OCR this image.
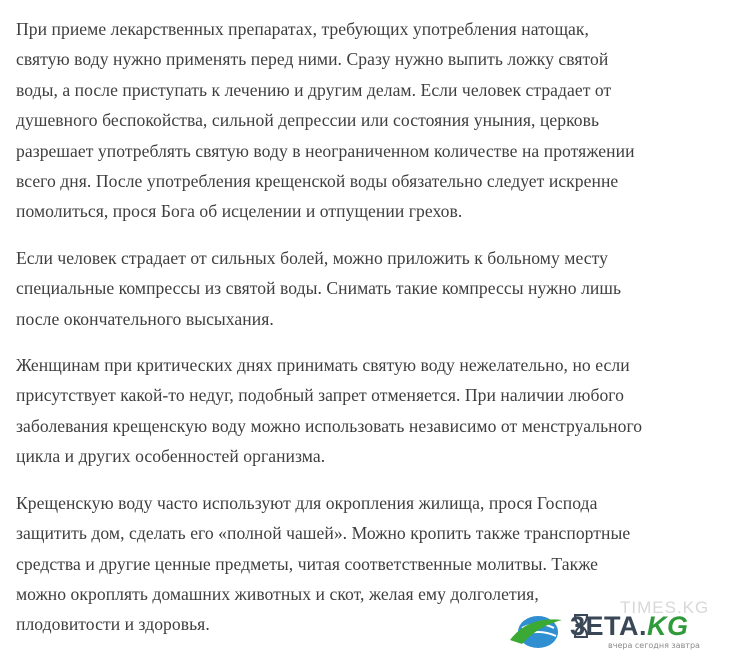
При приеме лекарственных препаратах, требующих употребления натощак,
святую воду нужно применять перед ними. Сразу нужно выпить ложку святой
воды, а после приступать к лечению и другим делам. Если человек страдает от
душевного беспокойства, сильной депрессии или состояния уныния, церковь
разрешает употреблять святую воду в неограниченном количестве на протяжении
всего дня. После употребления крещенской воды обязательно следует искренне
помолиться, прося Бога об исцелении и отпущении грехов.

Если человек страдает от сильных болей, можно приложить к больному месту
специальные компрессы из святой воды. Снимать такие компрессы нужно лишь
после окончательного высыхания.

Женщинам при критических днях принимать святую воду нежелательно, но если
присутствует какой-то недуг, подобный запрет отменяется. При наличии любого
заболевания крещенскую воду можно использовать независимо от менструального
цикла и других особенностей организма.

Крещенскую воду часто используют для окропления жилища, прося Господа
защитить дом, сделать его «полной чашей». Можно кропить также транспортные
средства и другие ценные предметы, читая соответственные молитвы. Также
можно окроплять домашних животных и скот, желая ему долголетия,
плодовитости и здоровья.

TIMES.KG
3ETA.KG
вчера сегодня завтра
